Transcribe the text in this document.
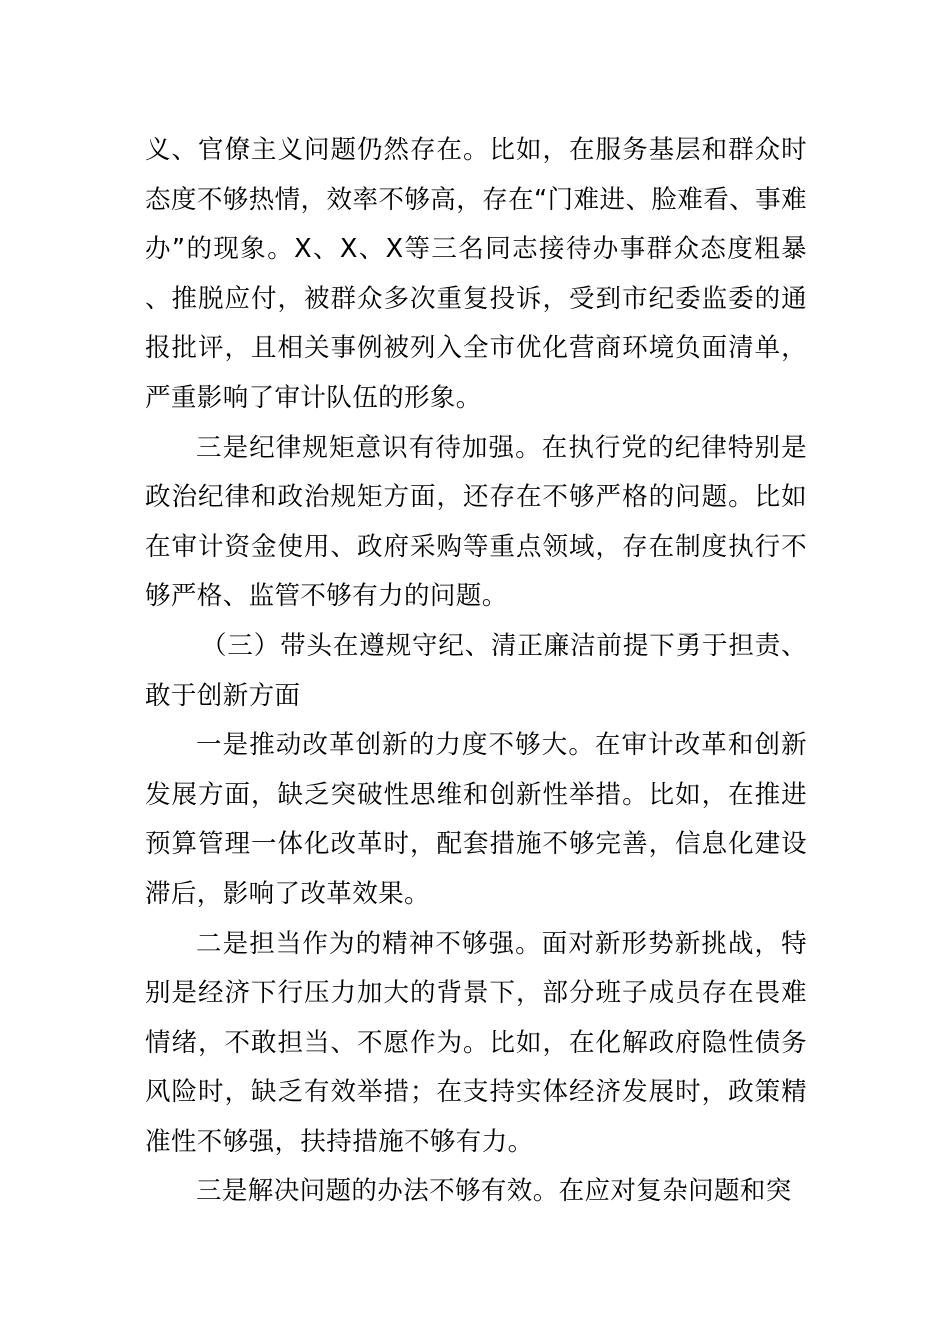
义、官僚主义问题仍然存在。比如，在服务基层和群众时态度不够热情，效率不够高，存在“门难进、脸难看、事难办”的现象。X、X、X等三名同志接待办事群众态度粗暴、推脱应付，被群众多次重复投诉，受到市纪委监委的通报批评，且相关事例被列入全市优化营商环境负面清单，严重影响了审计队伍的形象。

三是纪律规矩意识有待加强。在执行党的纪律特别是政治纪律和政治规矩方面，还存在不够严格的问题。比如在审计资金使用、政府采购等重点领域，存在制度执行不够严格、监管不够有力的问题。

（三）带头在遵规守纪、清正廉洁前提下勇于担责、敢于创新方面

一是推动改革创新的力度不够大。在审计改革和创新发展方面，缺乏突破性思维和创新性举措。比如，在推进预算管理一体化改革时，配套措施不够完善，信息化建设滞后，影响了改革效果。

二是担当作为的精神不够强。面对新形势新挑战，特别是经济下行压力加大的背景下，部分班子成员存在畏难情绪，不敢担当、不愿作为。比如，在化解政府隐性债务风险时，缺乏有效举措；在支持实体经济发展时，政策精准性不够强，扶持措施不够有力。

三是解决问题的办法不够有效。在应对复杂问题和突
